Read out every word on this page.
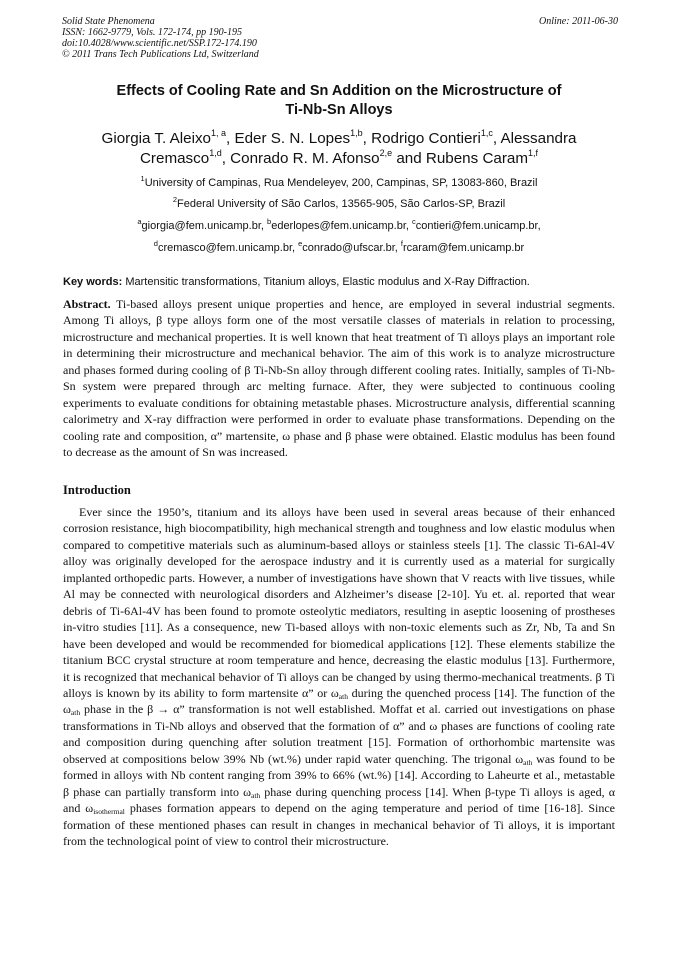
Solid State Phenomena
ISSN: 1662-9779, Vols. 172-174, pp 190-195
doi:10.4028/www.scientific.net/SSP.172-174.190
© 2011 Trans Tech Publications Ltd, Switzerland
Online: 2011-06-30
Effects of Cooling Rate and Sn Addition on the Microstructure of
Ti-Nb-Sn Alloys
Giorgia T. Aleixo$^{1, a}$, Eder S. N. Lopes$^{1,b}$, Rodrigo Contieri$^{1,c}$, Alessandra Cremasco$^{1,d}$, Conrado R. M. Afonso$^{2,e}$ and Rubens Caram$^{1,f}$
$^1$University of Campinas, Rua Mendeleyev, 200, Campinas, SP, 13083-860, Brazil
$^2$Federal University of São Carlos, 13565-905, São Carlos-SP, Brazil
$^a$giorgia@fem.unicamp.br, $^b$ederlopes@fem.unicamp.br, $^c$contieri@fem.unicamp.br,
$^d$cremasco@fem.unicamp.br, $^e$conrado@ufscar.br, $^f$rcaram@fem.unicamp.br
Key words: Martensitic transformations, Titanium alloys, Elastic modulus and X-Ray Diffraction.
Abstract. Ti-based alloys present unique properties and hence, are employed in several industrial segments. Among Ti alloys, β type alloys form one of the most versatile classes of materials in relation to processing, microstructure and mechanical properties. It is well known that heat treatment of Ti alloys plays an important role in determining their microstructure and mechanical behavior. The aim of this work is to analyze microstructure and phases formed during cooling of β Ti-Nb-Sn alloy through different cooling rates. Initially, samples of Ti-Nb-Sn system were prepared through arc melting furnace. After, they were subjected to continuous cooling experiments to evaluate conditions for obtaining metastable phases. Microstructure analysis, differential scanning calorimetry and X-ray diffraction were performed in order to evaluate phase transformations. Depending on the cooling rate and composition, α” martensite, ω phase and β phase were obtained. Elastic modulus has been found to decrease as the amount of Sn was increased.
Introduction
Ever since the 1950’s, titanium and its alloys have been used in several areas because of their enhanced corrosion resistance, high biocompatibility, high mechanical strength and toughness and low elastic modulus when compared to competitive materials such as aluminum-based alloys or stainless steels [1]. The classic Ti-6Al-4V alloy was originally developed for the aerospace industry and it is currently used as a material for surgically implanted orthopedic parts. However, a number of investigations have shown that V reacts with live tissues, while Al may be connected with neurological disorders and Alzheimer’s disease [2-10]. Yu et. al. reported that wear debris of Ti-6Al-4V has been found to promote osteolytic mediators, resulting in aseptic loosening of prostheses in-vitro studies [11]. As a consequence, new Ti-based alloys with non-toxic elements such as Zr, Nb, Ta and Sn have been developed and would be recommended for biomedical applications [12]. These elements stabilize the titanium BCC crystal structure at room temperature and hence, decreasing the elastic modulus [13]. Furthermore, it is recognized that mechanical behavior of Ti alloys can be changed by using thermo-mechanical treatments. β Ti alloys is known by its ability to form martensite α” or $\omega_{ath}$ during the quenched process [14]. The function of the $\omega_{ath}$ phase in the β → α” transformation is not well established. Moffat et al. carried out investigations on phase transformations in Ti-Nb alloys and observed that the formation of α” and ω phases are functions of cooling rate and composition during quenching after solution treatment [15]. Formation of orthorhombic martensite was observed at compositions below 39% Nb (wt.%) under rapid water quenching. The trigonal $\omega_{ath}$ was found to be formed in alloys with Nb content ranging from 39% to 66% (wt.%) [14]. According to Laheurte et al., metastable β phase can partially transform into $\omega_{ath}$ phase during quenching process [14]. When β-type Ti alloys is aged, α and $\omega_{isothermal}$ phases formation appears to depend on the aging temperature and period of time [16-18]. Since formation of these mentioned phases can result in changes in mechanical behavior of Ti alloys, it is important from the technological point of view to control their microstructure.
